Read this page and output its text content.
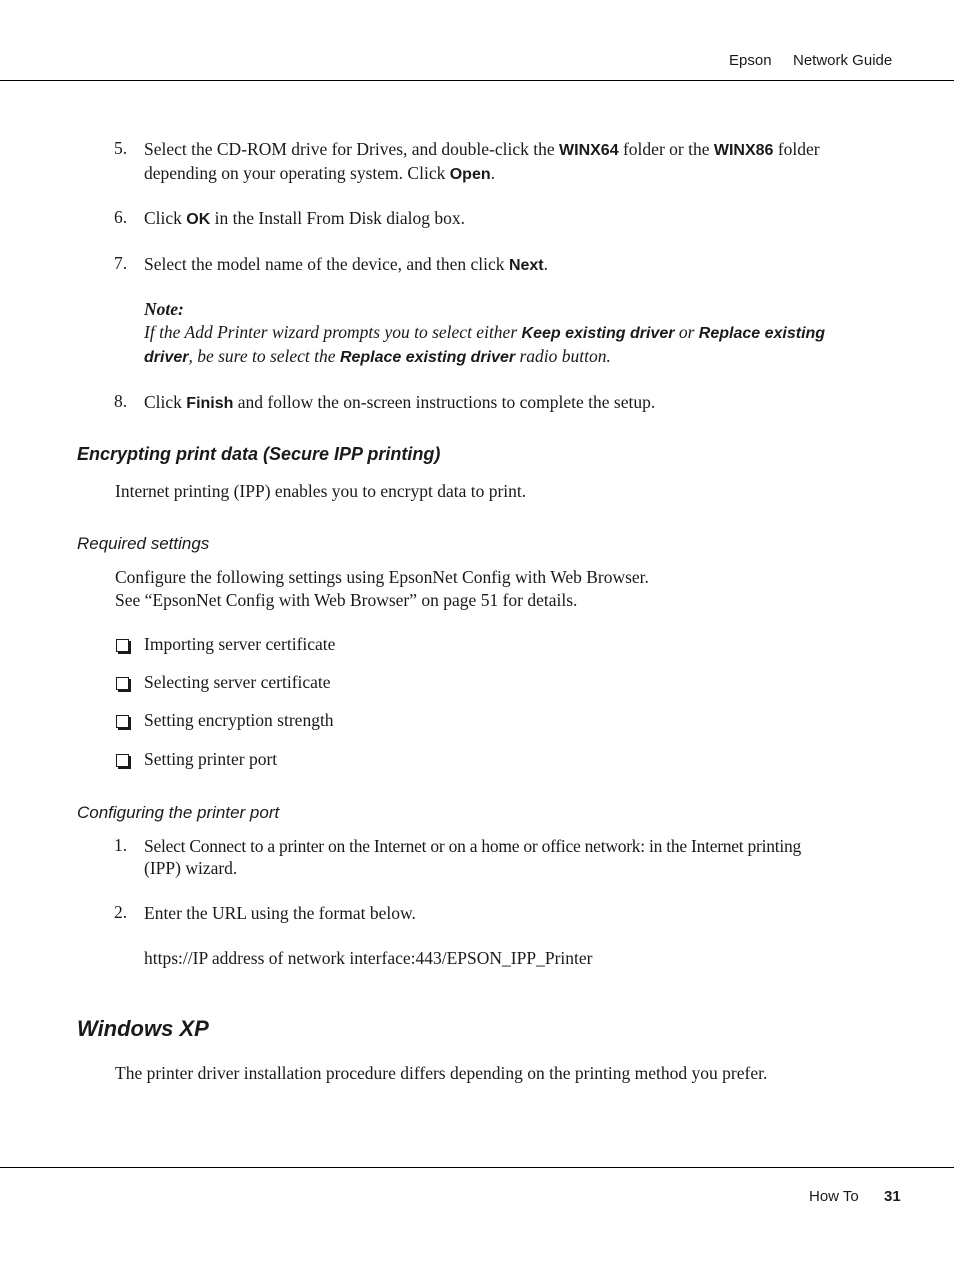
Epson Network Guide
5. Select the CD-ROM drive for Drives, and double-click the WINX64 folder or the WINX86 folder
depending on your operating system. Click Open.
6. Click OK in the Install From Disk dialog box.
7. Select the model name of the device, and then click Next.
Note:
If the Add Printer wizard prompts you to select either Keep existing driver or Replace existing
driver, be sure to select the Replace existing driver radio button.
8. Click Finish and follow the on-screen instructions to complete the setup.
Encrypting print data (Secure IPP printing)
Internet printing (IPP) enables you to encrypt data to print.
Required settings
Configure the following settings using EpsonNet Config with Web Browser.
See “EpsonNet Config with Web Browser” on page 51 for details.
Importing server certificate
Selecting server certificate
Setting encryption strength
Setting printer port
Configuring the printer port
1. Select Connect to a printer on the Internet or on a home or office network: in the Internet printing
(IPP) wizard.
2. Enter the URL using the format below.
https://IP address of network interface:443/EPSON_IPP_Printer
Windows XP
The printer driver installation procedure differs depending on the printing method you prefer.
How To 31
